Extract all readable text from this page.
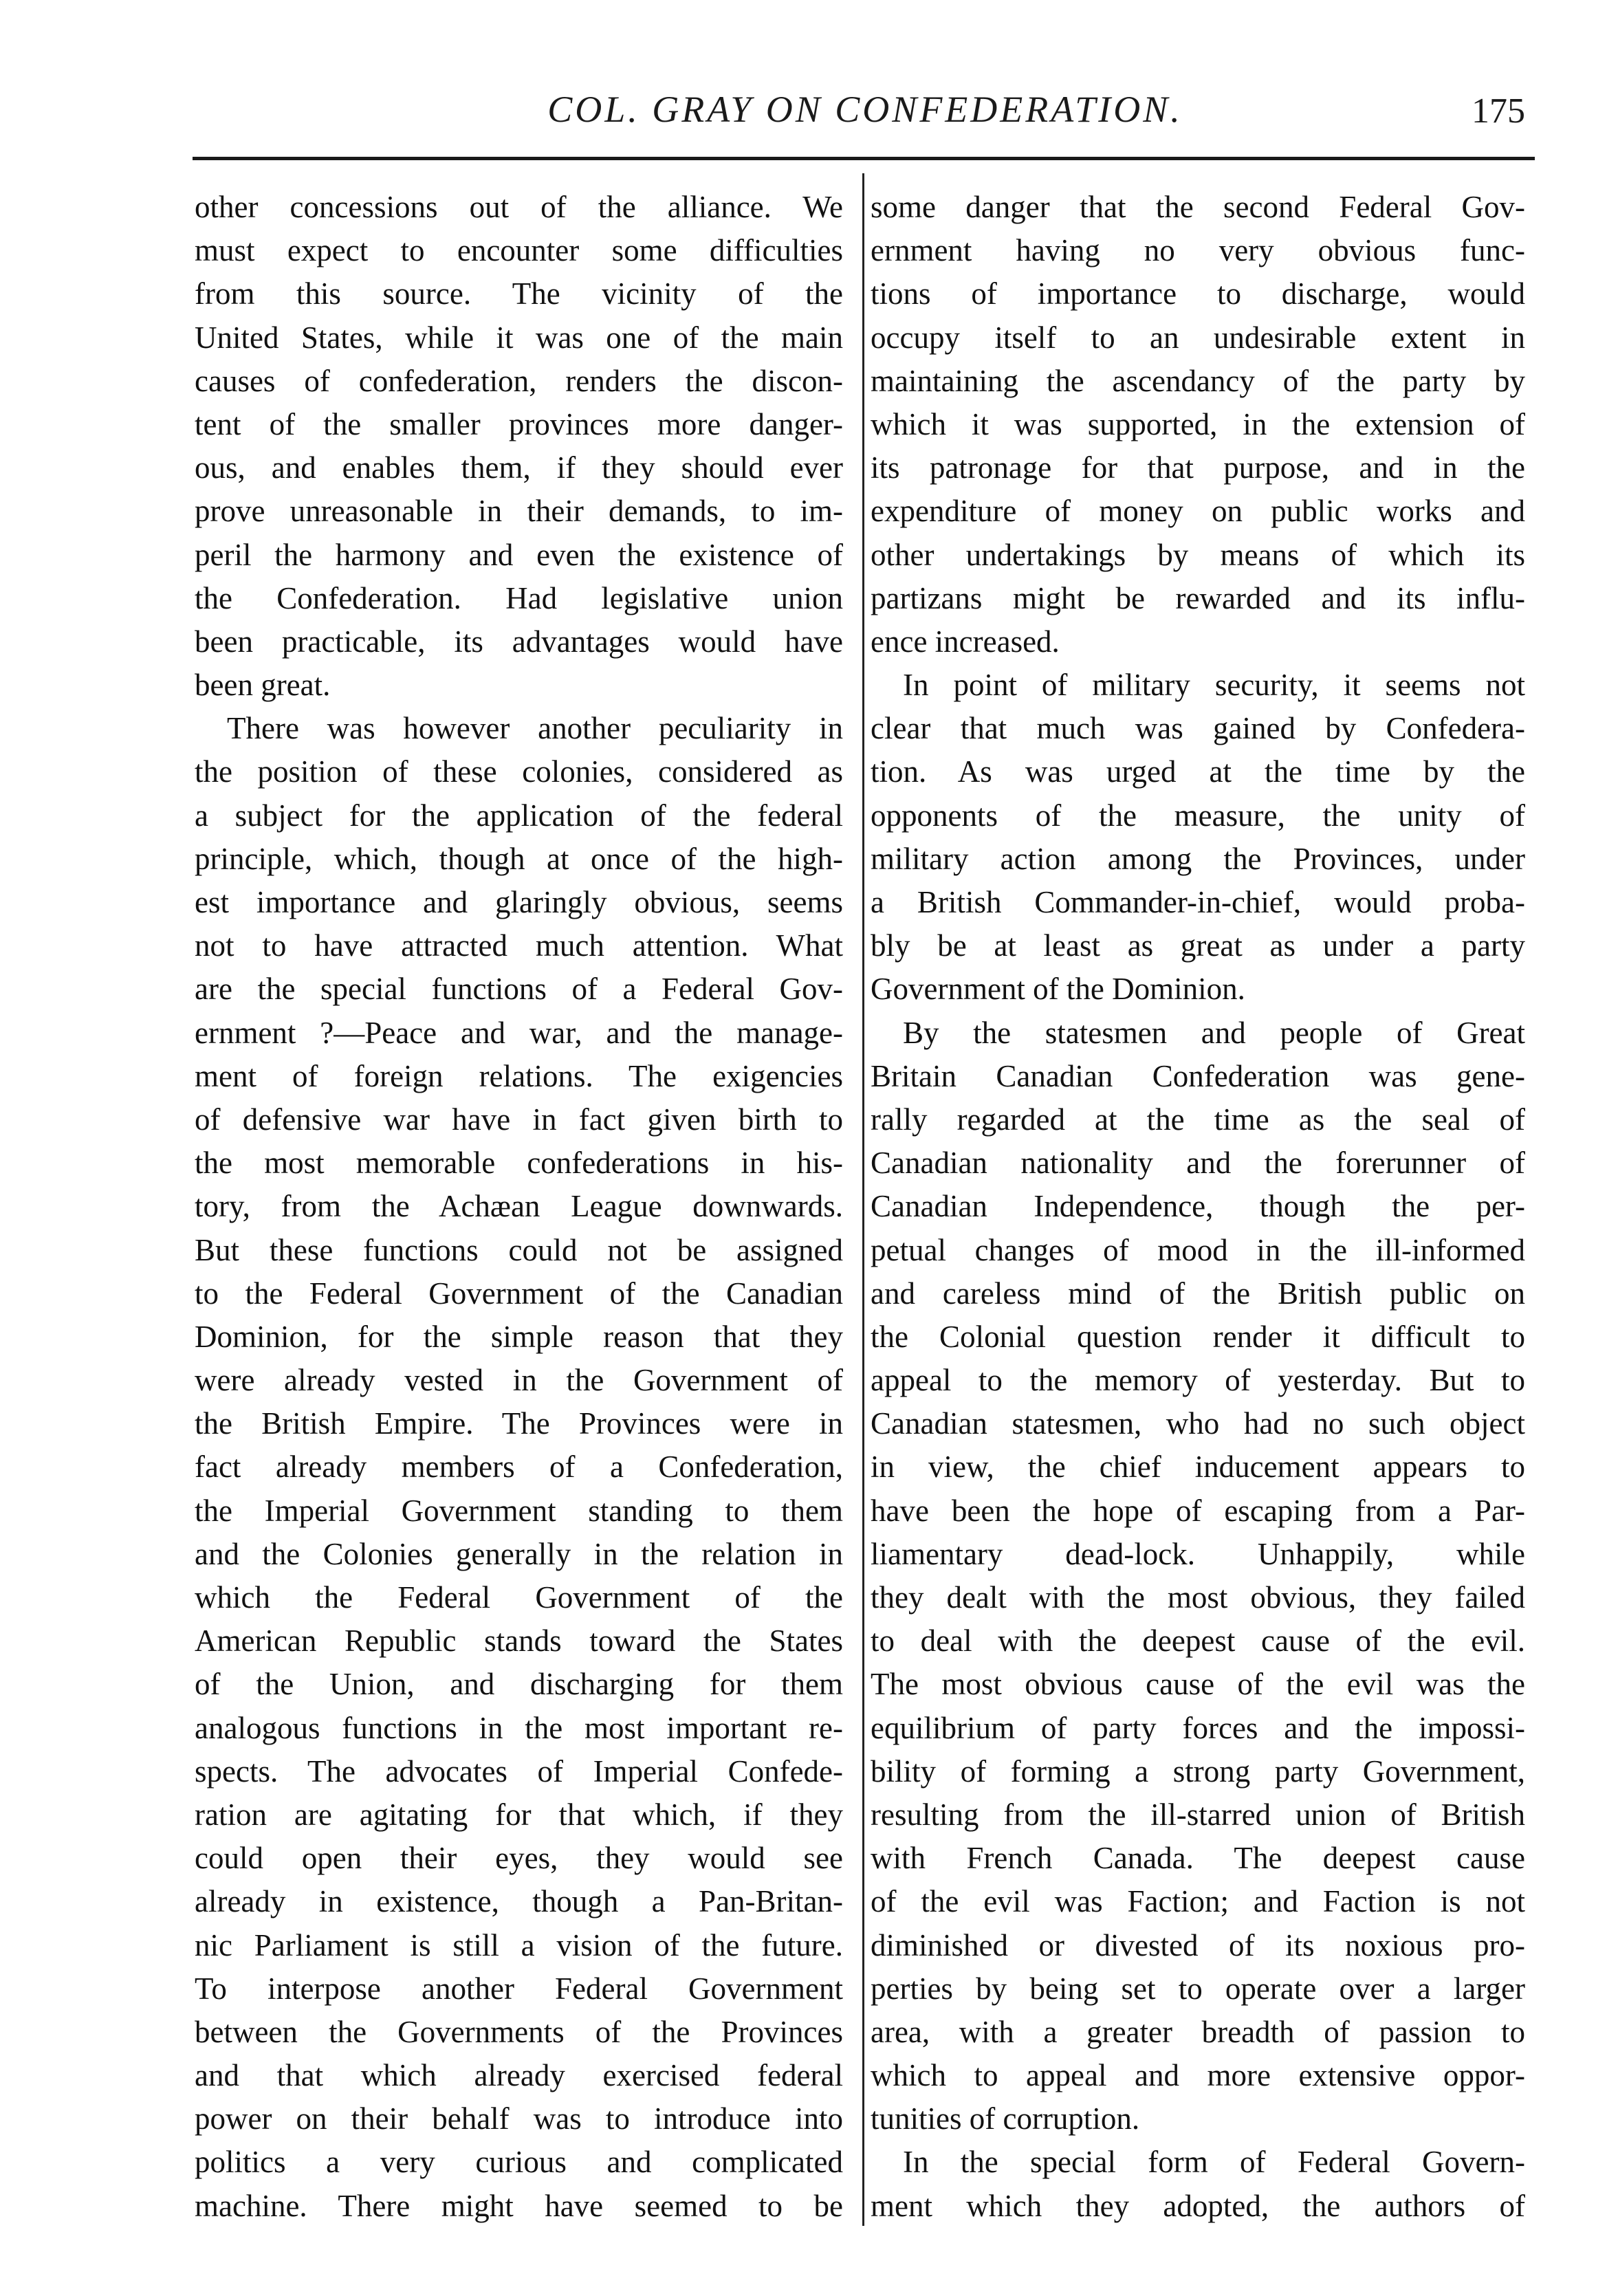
COL. GRAY ON CONFEDERATION.	175
other concessions out of the alliance. We
must expect to encounter some difficulties
from this source. The vicinity of the
United States, while it was one of the main
causes of confederation, renders the discon-
tent of the smaller provinces more danger-
ous, and enables them, if they should ever
prove unreasonable in their demands, to im-
peril the harmony and even the existence of
the Confederation. Had legislative union
been practicable, its advantages would have
been great.
There was however another peculiarity in
the position of these colonies, considered as
a subject for the application of the federal
principle, which, though at once of the high-
est importance and glaringly obvious, seems
not to have attracted much attention. What
are the special functions of a Federal Gov-
ernment ?—Peace and war, and the manage-
ment of foreign relations. The exigencies
of defensive war have in fact given birth to
the most memorable confederations in his-
tory, from the Achæan League downwards.
But these functions could not be assigned
to the Federal Government of the Canadian
Dominion, for the simple reason that they
were already vested in the Government of
the British Empire. The Provinces were in
fact already members of a Confederation,
the Imperial Government standing to them
and the Colonies generally in the relation in
which the Federal Government of the
American Republic stands toward the States
of the Union, and discharging for them
analogous functions in the most important re-
spects. The advocates of Imperial Confede-
ration are agitating for that which, if they
could open their eyes, they would see
already in existence, though a Pan-Britan-
nic Parliament is still a vision of the future.
To interpose another Federal Government
between the Governments of the Provinces
and that which already exercised federal
power on their behalf was to introduce into
politics a very curious and complicated
machine. There might have seemed to be
some danger that the second Federal Gov-
ernment having no very obvious func-
tions of importance to discharge, would
occupy itself to an undesirable extent in
maintaining the ascendancy of the party by
which it was supported, in the extension of
its patronage for that purpose, and in the
expenditure of money on public works and
other undertakings by means of which its
partizans might be rewarded and its influ-
ence increased.
In point of military security, it seems not
clear that much was gained by Confedera-
tion. As was urged at the time by the
opponents of the measure, the unity of
military action among the Provinces, under
a British Commander-in-chief, would proba-
bly be at least as great as under a party
Government of the Dominion.
By the statesmen and people of Great
Britain Canadian Confederation was gene-
rally regarded at the time as the seal of
Canadian nationality and the forerunner of
Canadian Independence, though the per-
petual changes of mood in the ill-informed
and careless mind of the British public on
the Colonial question render it difficult to
appeal to the memory of yesterday. But to
Canadian statesmen, who had no such object
in view, the chief inducement appears to
have been the hope of escaping from a Par-
liamentary dead-lock. Unhappily, while
they dealt with the most obvious, they failed
to deal with the deepest cause of the evil.
The most obvious cause of the evil was the
equilibrium of party forces and the impossi-
bility of forming a strong party Government,
resulting from the ill-starred union of British
with French Canada. The deepest cause
of the evil was Faction; and Faction is not
diminished or divested of its noxious pro-
perties by being set to operate over a larger
area, with a greater breadth of passion to
which to appeal and more extensive oppor-
tunities of corruption.
In the special form of Federal Govern-
ment which they adopted, the authors of
